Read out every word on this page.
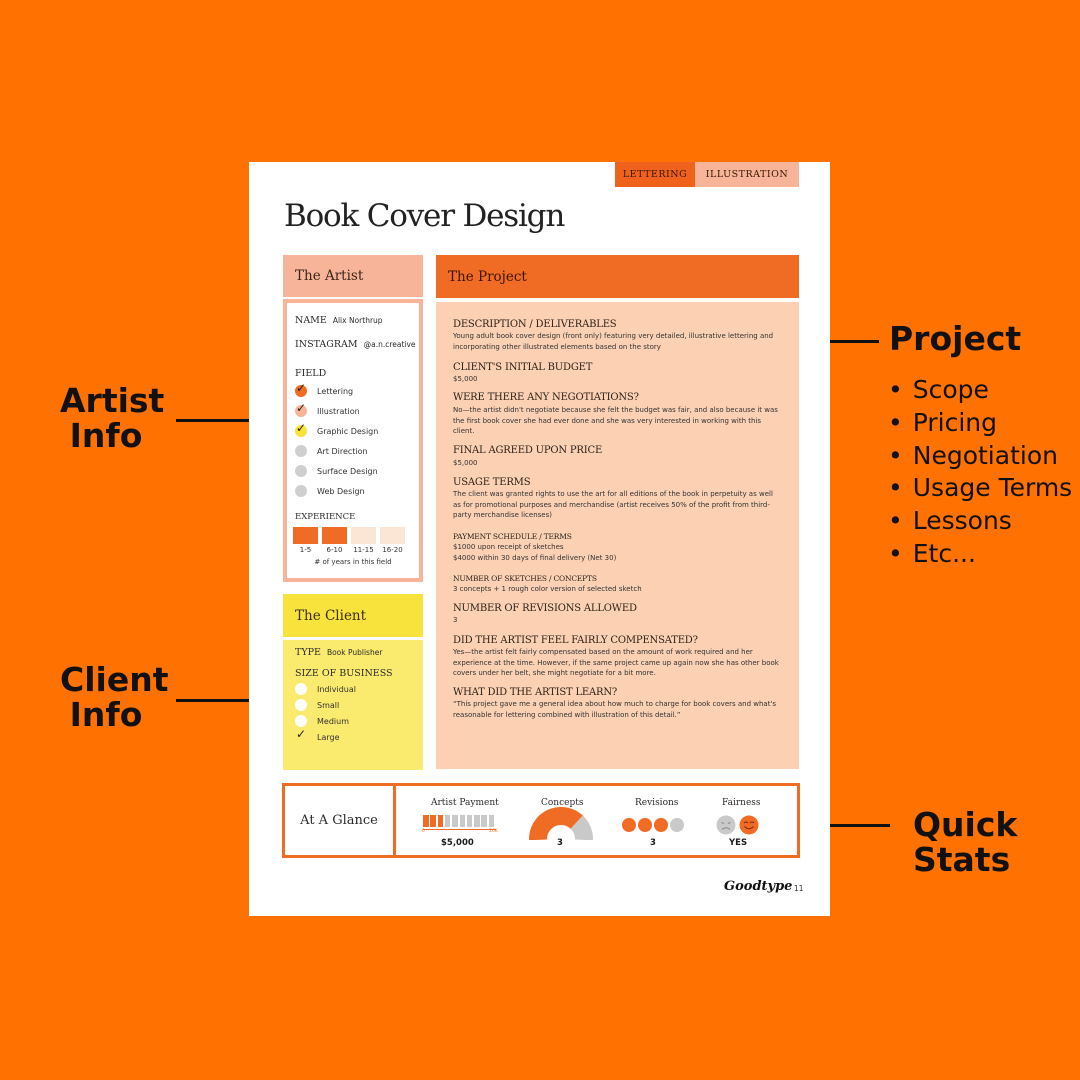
Artist
Info
Client
Info
Project
• Scope
• Pricing
• Negotiation
• Usage Terms
• Lessons
• Etc...
Quick
Stats
LETTERING	ILLUSTRATION
Book Cover Design
The Artist
NAME Alix Northrup
INSTAGRAM @a.n.creative
FIELD
✓ Lettering
✓ Illustration
✓ Graphic Design
Art Direction
Surface Design
Web Design
EXPERIENCE
1-5	6-10	11-15	16-20
# of years in this field
The Client
TYPE Book Publisher
SIZE OF BUSINESS
Individual
Small
Medium
✓ Large
The Project
DESCRIPTION / DELIVERABLES
Young adult book cover design (front only) featuring very detailed, illustrative lettering and incorporating other illustrated elements based on the story
CLIENT'S INITIAL BUDGET
$5,000
WERE THERE ANY NEGOTIATIONS?
No—the artist didn't negotiate because she felt the budget was fair, and also because it was the first book cover she had ever done and she was very interested in working with this client.
FINAL AGREED UPON PRICE
$5,000
USAGE TERMS
The client was granted rights to use the art for all editions of the book in perpetuity as well as for promotional purposes and merchandise (artist receives 50% of the profit from third-party merchandise licenses)
PAYMENT SCHEDULE / TERMS
$1000 upon receipt of sketches
$4000 within 30 days of final delivery (Net 30)
NUMBER OF SKETCHES / CONCEPTS
3 concepts + 1 rough color version of selected sketch
NUMBER OF REVISIONS ALLOWED
3
DID THE ARTIST FEEL FAIRLY COMPENSATED?
Yes—the artist felt fairly compensated based on the amount of work required and her experience at the time. However, if the same project came up again now she has other book covers under her belt, she might negotiate for a bit more.
WHAT DID THE ARTIST LEARN?
“This project gave me a general idea about how much to charge for book covers and what's reasonable for lettering combined with illustration of this detail.”
At A Glance
Artist Payment
0	20K
$5,000
Concepts
3
Revisions
3
Fairness
YES
Goodtype 11
